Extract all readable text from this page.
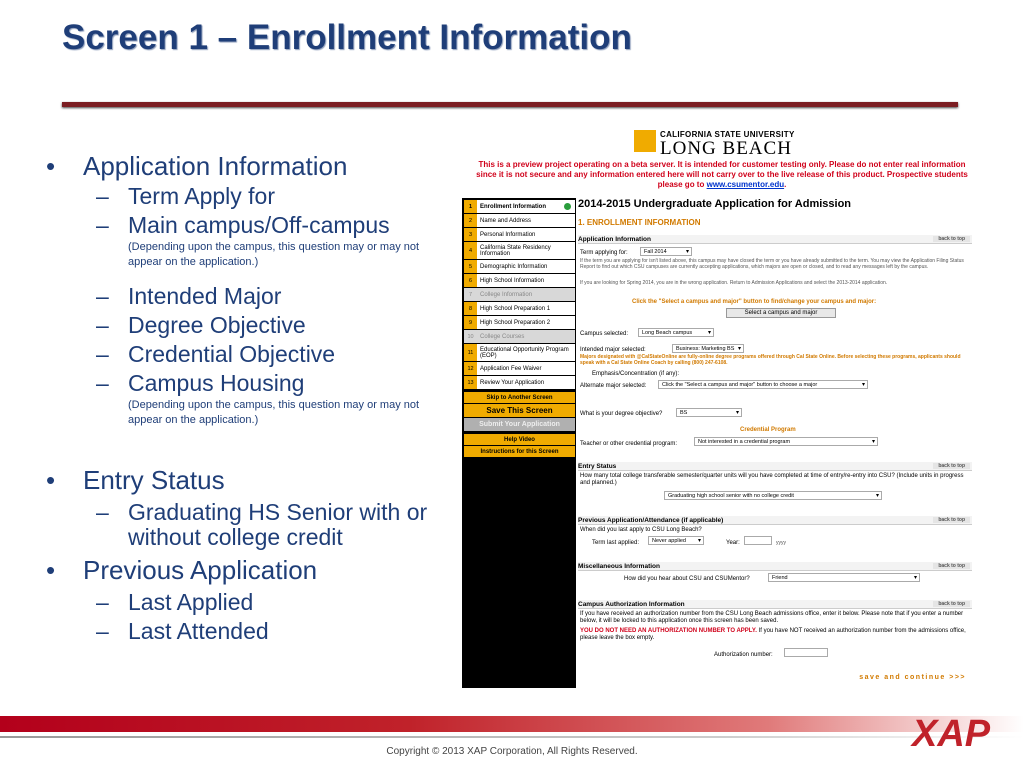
Screen 1 – Enrollment Information
•	Application Information
– Term Apply for
– Main campus/Off-campus
(Depending upon the campus, this question may or may not appear on the application.)
– Intended Major
– Degree Objective
– Credential Objective
– Campus Housing
(Depending upon the campus, this question may or may not appear on the application.)
•	Entry Status
– Graduating HS Senior with or without college credit
•	Previous Application
– Last Applied
– Last Attended
CALIFORNIA STATE UNIVERSITY
LONG BEACH
This is a preview project operating on a beta server. It is intended for customer testing only. Please do not enter real information since it is not secure and any information entered here will not carry over to the live release of this product. Prospective students please go to www.csumentor.edu.
1	Enrollment Information
2	Name and Address
3	Personal Information
4	California State Residency Information
5	Demographic Information
6	High School Information
7	College Information
8	High School Preparation 1
9	High School Preparation 2
10	College Courses
11	Educational Opportunity Program (EOP)
12	Application Fee Waiver
13	Review Your Application
Skip to Another Screen
Save This Screen
Submit Your Application
Help Video
Instructions for this Screen
2014-2015 Undergraduate Application for Admission
1. ENROLLMENT INFORMATION
Application Information	back to top
Term applying for:	Fall 2014 ▾
If the term you are applying for isn't listed above, this campus may have closed the term or you have already submitted to the term. You may view the Application Filing Status Report to find out which CSU campuses are currently accepting applications, which majors are open or closed, and to read any messages left by the campus.
If you are looking for Spring 2014, you are in the wrong application. Return to Admission Applications and select the 2013-2014 application.
Click the "Select a campus and major" button to find/change your campus and major:
Select a campus and major
Campus selected:	Long Beach campus ▾
Intended major selected:	Business: Marketing BS ▾
Majors designated with @CalStateOnline are fully-online degree programs offered through Cal State Online. Before selecting these programs, applicants should speak with a Cal State Online Coach by calling (800) 247-6108.
Emphasis/Concentration (if any):
Alternate major selected:	Click the "Select a campus and major" button to choose a major ▾
What is your degree objective?	BS ▾
Credential Program
Teacher or other credential program:	Not interested in a credential program ▾
Entry Status	back to top
How many total college transferable semester/quarter units will you have completed at time of entry/re-entry into CSU? (Include units in progress and planned.)
Graduating high school senior with no college credit ▾
Previous Application/Attendance (if applicable)	back to top
When did you last apply to CSU Long Beach?
Term last applied:	Never applied ▾	Year:	yyyy
Miscellaneous Information	back to top
How did you hear about CSU and CSUMentor?	Friend ▾
Campus Authorization Information	back to top
If you have received an authorization number from the CSU Long Beach admissions office, enter it below. Please note that if you enter a number below, it will be locked to this application once this screen has been saved.
YOU DO NOT NEED AN AUTHORIZATION NUMBER TO APPLY. If you have NOT received an authorization number from the admissions office, please leave the box empty.
Authorization number:
save and continue >>>
XAP
Copyright © 2013 XAP Corporation, All Rights Reserved.
